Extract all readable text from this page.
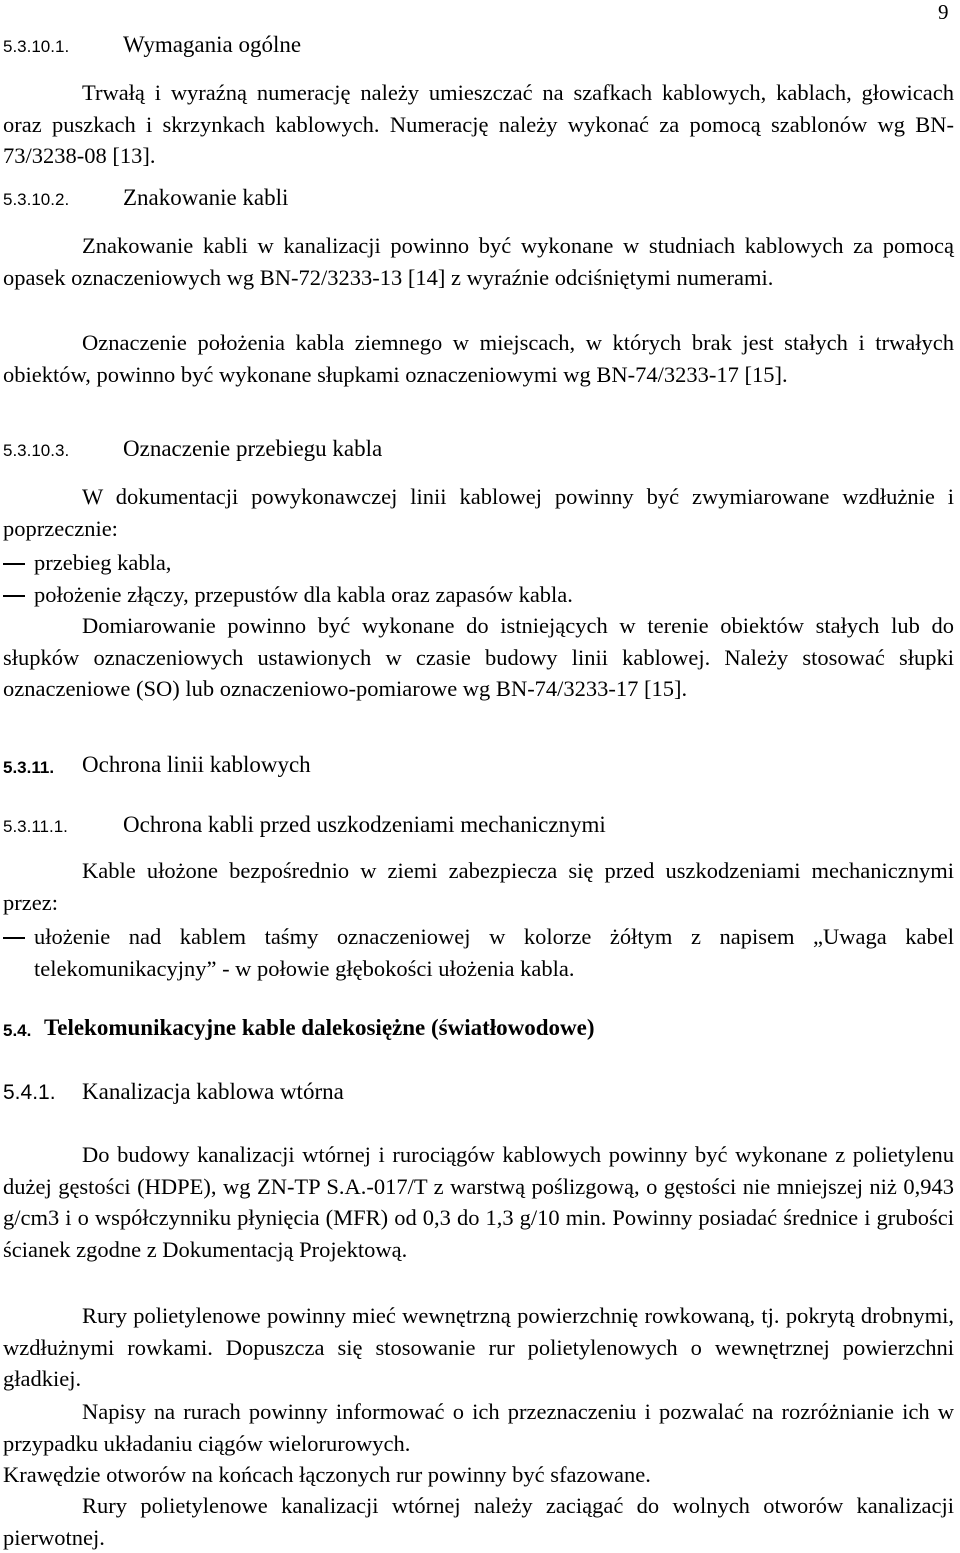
9
5.3.10.1. Wymagania ogólne

Trwałą i wyraźną numerację należy umieszczać na szafkach kablowych, kablach, głowicach oraz puszkach i skrzynkach kablowych. Numerację należy wykonać za pomocą szablonów wg BN-73/3238-08 [13].

5.3.10.2. Znakowanie kabli

Znakowanie kabli w kanalizacji powinno być wykonane w studniach kablowych za pomocą opasek oznaczeniowych wg BN-72/3233-13 [14] z wyraźnie odciśniętymi numerami.

Oznaczenie położenia kabla ziemnego w miejscach, w których brak jest stałych i trwałych obiektów, powinno być wykonane słupkami oznaczeniowymi wg BN-74/3233-17 [15].

5.3.10.3. Oznaczenie przebiegu kabla

W dokumentacji powykonawczej linii kablowej powinny być zwymiarowane wzdłużnie i poprzecznie:

przebieg kabla,
położenie złączy, przepustów dla kabla oraz zapasów kabla.

Domiarowanie powinno być wykonane do istniejących w terenie obiektów stałych lub do słupków oznaczeniowych ustawionych w czasie budowy linii kablowej. Należy stosować słupki oznaczeniowe (SO) lub oznaczeniowo-pomiarowe wg BN-74/3233-17 [15].

5.3.11. Ochrona linii kablowych
5.3.11.1. Ochrona kabli przed uszkodzeniami mechanicznymi

Kable ułożone bezpośrednio w ziemi zabezpiecza się przed uszkodzeniami mechanicznymi przez:

ułożenie nad kablem taśmy oznaczeniowej w kolorze żółtym z napisem „Uwaga kabel telekomunikacyjny” - w połowie głębokości ułożenia kabla.
5.4. Telekomunikacyjne kable dalekosiężne (światłowodowe)
5.4.1. Kanalizacja kablowa wtórna

Do budowy kanalizacji wtórnej i rurociągów kablowych powinny być wykonane z polietylenu dużej gęstości (HDPE), wg ZN-TP S.A.-017/T z warstwą poślizgową, o gęstości nie mniejszej niż 0,943 g/cm3 i o współczynniku płynięcia (MFR) od 0,3 do 1,3 g/10 min. Powinny posiadać średnice i grubości ścianek zgodne z Dokumentacją Projektową.

Rury polietylenowe powinny mieć wewnętrzną powierzchnię rowkowaną, tj. pokrytą drobnymi, wzdłużnymi rowkami. Dopuszcza się stosowanie rur polietylenowych o wewnętrznej powierzchni gładkiej.

Napisy na rurach powinny informować o ich przeznaczeniu i pozwalać na rozróżnianie ich w przypadku układaniu ciągów wielorurowych.

Krawędzie otworów na końcach łączonych rur powinny być sfazowane.

Rury polietylenowe kanalizacji wtórnej należy zaciągać do wolnych otworów kanalizacji pierwotnej.
